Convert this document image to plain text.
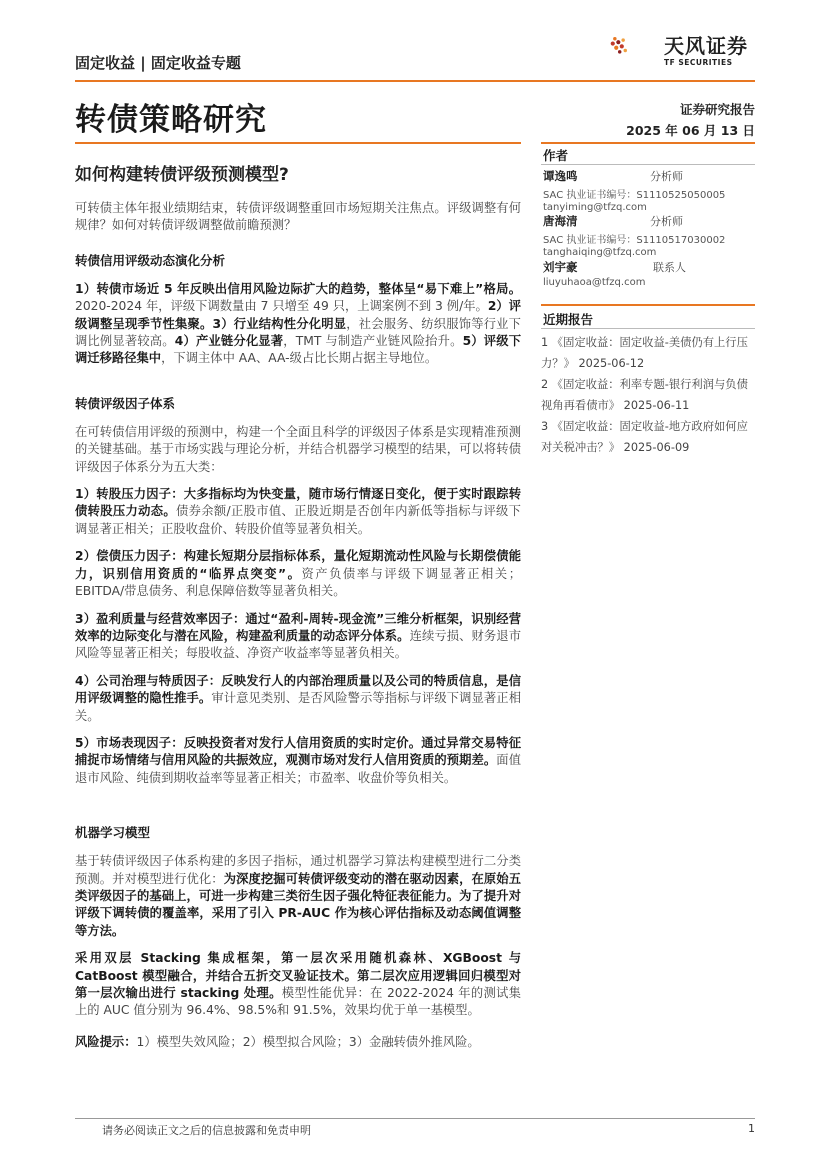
固定收益 | 固定收益专题
天风证券
TF SECURITIES
转债策略研究	证券研究报告
2025 年 06 月 13 日
如何构建转债评级预测模型?

可转债主体年报业绩期结束，转债评级调整重回市场短期关注焦点。评级调整有何规律？如何对转债评级调整做前瞻预测？

转债信用评级动态演化分析

1）转债市场近 5 年反映出信用风险边际扩大的趋势，整体呈“易下难上”格局。2020-2024 年，评级下调数量由 7 只增至 49 只，上调案例不到 3 例/年。2）评级调整呈现季节性集聚。3）行业结构性分化明显，社会服务、纺织服饰等行业下调比例显著较高。4）产业链分化显著，TMT 与制造产业链风险抬升。5）评级下调迁移路径集中，下调主体中 AA、AA-级占比长期占据主导地位。

转债评级因子体系

在可转债信用评级的预测中，构建一个全面且科学的评级因子体系是实现精准预测的关键基础。基于市场实践与理论分析，并结合机器学习模型的结果，可以将转债评级因子体系分为五大类：

1）转股压力因子：大多指标均为快变量，随市场行情逐日变化，便于实时跟踪转债转股压力动态。债券余额/正股市值、正股近期是否创年内新低等指标与评级下调显著正相关；正股收盘价、转股价值等显著负相关。

2）偿债压力因子：构建长短期分层指标体系，量化短期流动性风险与长期偿债能力，识别信用资质的“临界点突变”。资产负债率与评级下调显著正相关；EBITDA/带息债务、利息保障倍数等显著负相关。

3）盈利质量与经营效率因子：通过“盈利-周转-现金流”三维分析框架，识别经营效率的边际变化与潜在风险，构建盈利质量的动态评分体系。连续亏损、财务退市风险等显著正相关；每股收益、净资产收益率等显著负相关。

4）公司治理与特质因子：反映发行人的内部治理质量以及公司的特质信息，是信用评级调整的隐性推手。审计意见类别、是否风险警示等指标与评级下调显著正相关。

5）市场表现因子：反映投资者对发行人信用资质的实时定价。通过异常交易特征捕捉市场情绪与信用风险的共振效应，观测市场对发行人信用资质的预期差。面值退市风险、纯债到期收益率等显著正相关；市盈率、收盘价等负相关。

机器学习模型

基于转债评级因子体系构建的多因子指标，通过机器学习算法构建模型进行二分类预测。并对模型进行优化：为深度挖掘可转债评级变动的潜在驱动因素，在原始五类评级因子的基础上，可进一步构建三类衍生因子强化特征表征能力。为了提升对评级下调转债的覆盖率，采用了引入 PR-AUC 作为核心评估指标及动态阈值调整等方法。

采用双层 Stacking 集成框架，第一层次采用随机森林、XGBoost 与 CatBoost 模型融合，并结合五折交叉验证技术。第二层次应用逻辑回归模型对第一层次输出进行 stacking 处理。模型性能优异：在 2022-2024 年的测试集上的 AUC 值分别为 96.4%、98.5%和 91.5%，效果均优于单一基模型。

风险提示：1）模型失效风险；2）模型拟合风险；3）金融转债外推风险。

作者
谭逸鸣	分析师
SAC 执业证书编号：S1110525050005
tanyiming@tfzq.com
唐海清	分析师
SAC 执业证书编号：S1110517030002
tanghaiqing@tfzq.com
刘宇豪	联系人
liuyuhaoa@tfzq.com
近期报告
1 《固定收益：固定收益-美债仍有上行压力？》 2025-06-12
2 《固定收益：利率专题-银行利润与负债视角再看债市》 2025-06-11
3 《固定收益：固定收益-地方政府如何应对关税冲击？》 2025-06-09
请务必阅读正文之后的信息披露和免责申明	1
